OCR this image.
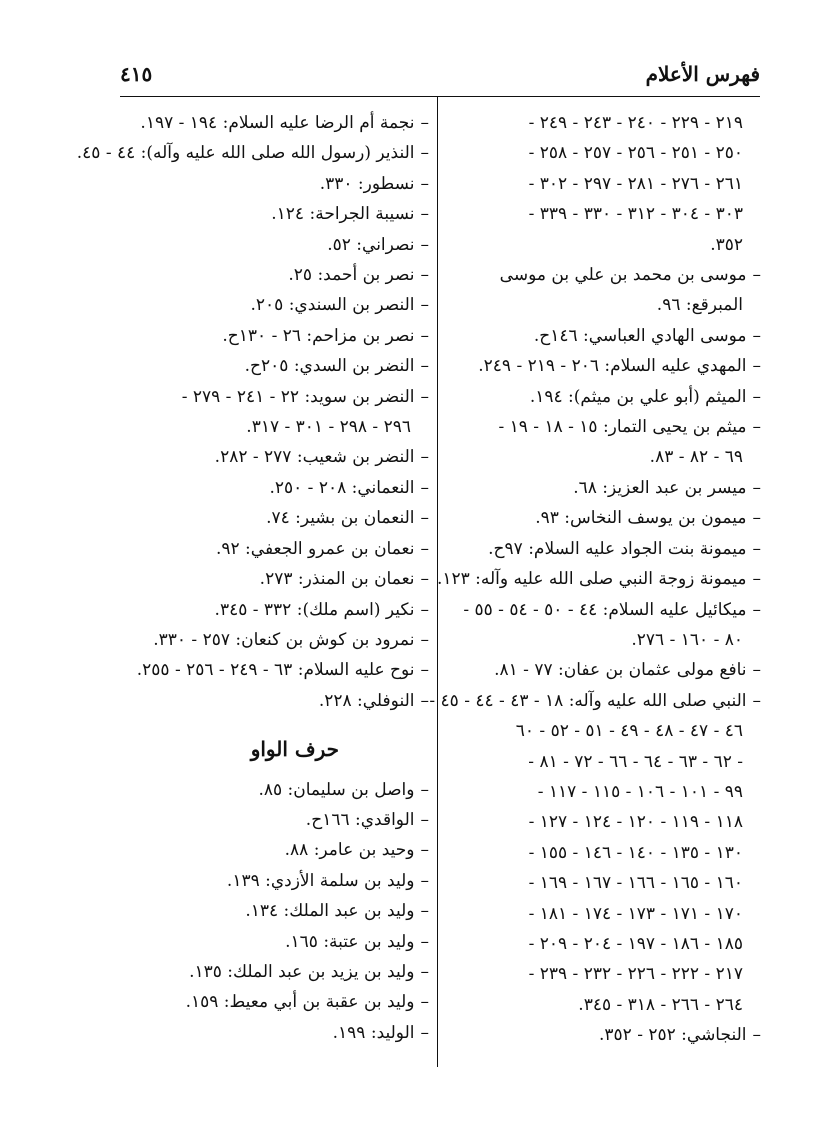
فهرس الأعلام
٤١٥
٢١٩ - ٢٢٩ - ٢٤٠ - ٢٤٣ - ٢٤٩ -
٢٥٠ - ٢٥١ - ٢٥٦ - ٢٥٧ - ٢٥٨ -
٢٦١ - ٢٧٦ - ٢٨١ - ٢٩٧ - ٣٠٢ -
٣٠٣ - ٣٠٤ - ٣١٢ - ٣٣٠ - ٣٣٩ -
٣٥٢.
–موسى بن محمد بن علي بن موسى
المبرقع: ٩٦.
–موسى الهادي العباسي: ١٤٦ح.
–المهدي عليه السلام: ٢٠٦ - ٢١٩ - ٢٤٩.
–الميثم (أبو علي بن ميثم): ١٩٤.
–ميثم بن يحيى التمار: ١٥ - ١٨ - ١٩ -
٦٩ - ٨٢ - ٨٣.
–ميسر بن عبد العزيز: ٦٨.
–ميمون بن يوسف النخاس: ٩٣.
–ميمونة بنت الجواد عليه السلام: ٩٧ح.
–ميمونة زوجة النبي صلى الله عليه وآله: ١٢٣.
–ميكائيل عليه السلام: ٤٤ - ٥٠ - ٥٤ - ٥٥ -
٨٠ - ١٦٠ - ٢٧٦.
–نافع مولى عثمان بن عفان: ٧٧ - ٨١.
–النبي صلى الله عليه وآله: ١٨ - ٤٣ - ٤٤ - ٤٥ -
٤٦ - ٤٧ - ٤٨ - ٤٩ - ٥١ - ٥٢ - ٦٠
- ٦٢ - ٦٣ - ٦٤ - ٦٦ - ٧٢ - ٨١ -
٩٩ - ١٠١ - ١٠٦ - ١١٥ - ١١٧ -
١١٨ - ١١٩ - ١٢٠ - ١٢٤ - ١٢٧ -
١٣٠ - ١٣٥ - ١٤٠ - ١٤٦ - ١٥٥ -
١٦٠ - ١٦٥ - ١٦٦ - ١٦٧ - ١٦٩ -
١٧٠ - ١٧١ - ١٧٣ - ١٧٤ - ١٨١ -
١٨٥ - ١٨٦ - ١٩٧ - ٢٠٤ - ٢٠٩ -
٢١٧ - ٢٢٢ - ٢٢٦ - ٢٣٢ - ٢٣٩ -
٢٦٤ - ٢٦٦ - ٣١٨ - ٣٤٥.
–النجاشي: ٢٥٢ - ٣٥٢.
–نجمة أم الرضا عليه السلام: ١٩٤ - ١٩٧.
–النذير (رسول الله صلى الله عليه وآله): ٤٤ - ٤٥.
–نسطور: ٣٣٠.
–نسيبة الجراحة: ١٢٤.
–نصراني: ٥٢.
–نصر بن أحمد: ٢٥.
–النصر بن السندي: ٢٠٥.
–نصر بن مزاحم: ٢٦ - ١٣٠ح.
–النضر بن السدي: ٢٠٥ح.
–النضر بن سويد: ٢٢ - ٢٤١ - ٢٧٩ -
٢٩٦ - ٢٩٨ - ٣٠١ - ٣١٧.
–النضر بن شعيب: ٢٧٧ - ٢٨٢.
–النعماني: ٢٠٨ - ٢٥٠.
–النعمان بن بشير: ٧٤.
–نعمان بن عمرو الجعفي: ٩٢.
–نعمان بن المنذر: ٢٧٣.
–نكير (اسم ملك): ٣٣٢ - ٣٤٥.
–نمرود بن كوش بن كنعان: ٢٥٧ - ٣٣٠.
–نوح عليه السلام: ٦٣ - ٢٤٩ - ٢٥٦ - ٢٥٥.
–النوفلي: ٢٢٨.
حرف الواو
–واصل بن سليمان: ٨٥.
–الواقدي: ١٦٦ح.
–وحيد بن عامر: ٨٨.
–وليد بن سلمة الأزدي: ١٣٩.
–وليد بن عبد الملك: ١٣٤.
–وليد بن عتبة: ١٦٥.
–وليد بن يزيد بن عبد الملك: ١٣٥.
–وليد بن عقبة بن أبي معيط: ١٥٩.
–الوليد: ١٩٩.
